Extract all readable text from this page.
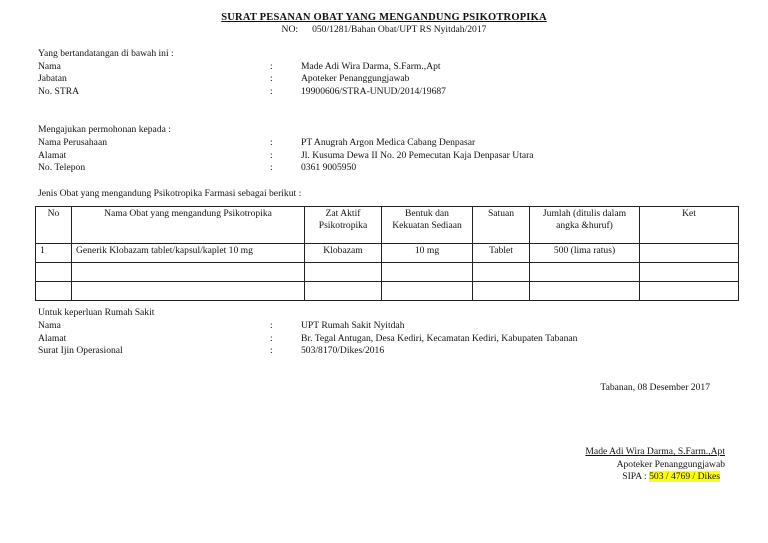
SURAT PESANAN OBAT YANG MENGANDUNG PSIKOTROPIKA
NO: 050/1281/Bahan Obat/UPT RS Nyitdah/2017
Yang bertandatangan di bawah ini :
Nama	:	Made Adi Wira Darma, S.Farm.,Apt
Jabatan	:	Apoteker Penanggungjawab
No. STRA	:	19900606/STRA-UNUD/2014/19687
Mengajukan permohonan kepada :
Nama Perusahaan	:	PT Anugrah Argon Medica Cabang Denpasar
Alamat	:	Jl. Kusuma Dewa II No. 20 Pemecutan Kaja Denpasar Utara
No. Telepon	:	0361 9005950
Jenis Obat yang mengandung Psikotropika Farmasi sebagai berikut :
No	Nama Obat yang mengandung Psikotropika	Zat Aktif Psikotropika	Bentuk dan Kekuatan Sediaan	Satuan	Jumlah (ditulis dalam angka &huruf)	Ket
1	Generik Klobazam tablet/kapsul/kaplet 10 mg	Klobazam	10 mg	Tablet	500 (lima ratus)	

Untuk keperluan Rumah Sakit
Nama	:	UPT Rumah Sakit Nyitdah
Alamat	:	Br. Tegal Antugan, Desa Kediri, Kecamatan Kediri, Kabupaten Tabanan
Surat Ijin Operasional	:	503/8170/Dikes/2016
Tabanan, 08 Desember 2017
Made Adi Wira Darma, S.Farm.,Apt
Apoteker Penanggungjawab
SIPA : 503 / 4769 / Dikes
